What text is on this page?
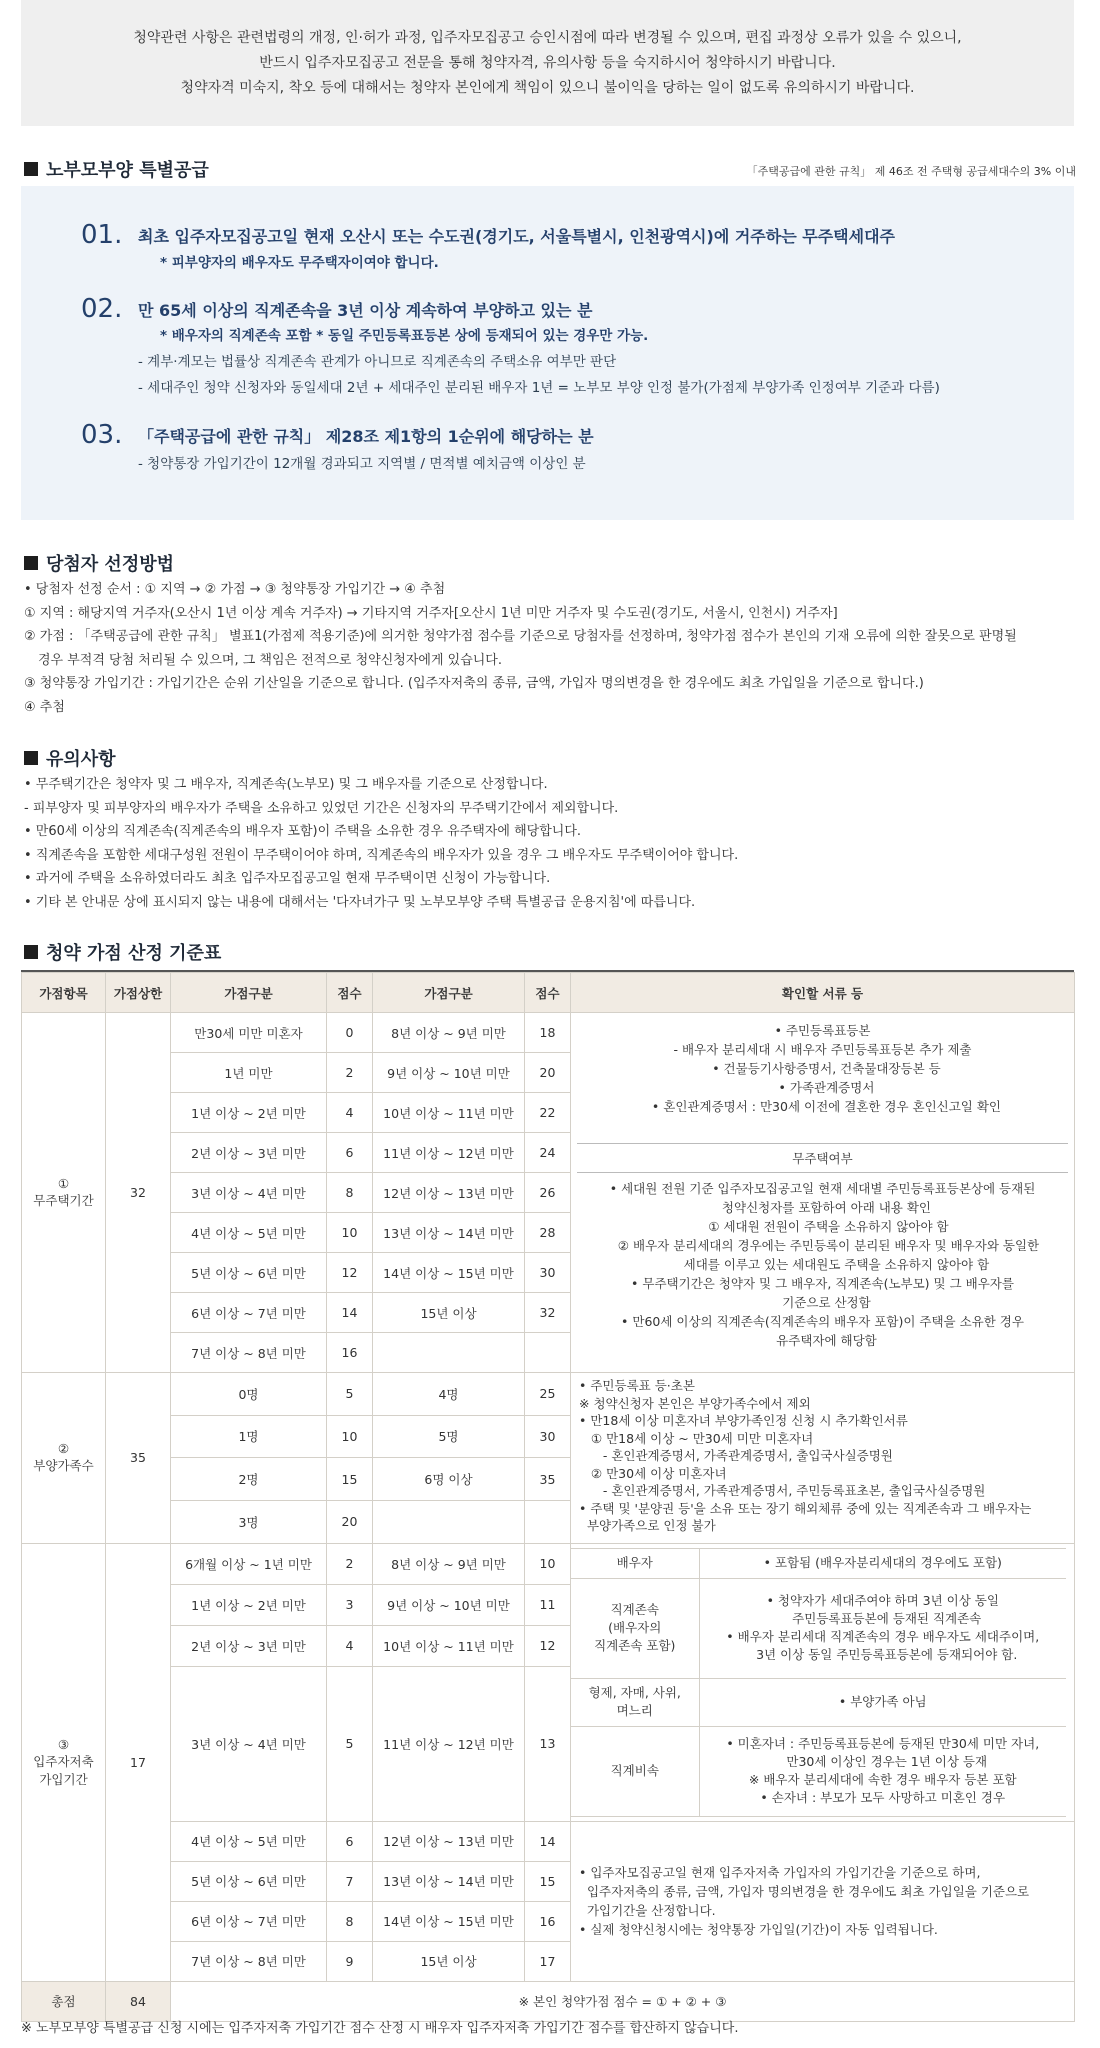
청약관련 사항은 관련법령의 개정, 인·허가 과정, 입주자모집공고 승인시점에 따라 변경될 수 있으며, 편집 과정상 오류가 있을 수 있으니,

반드시 입주자모집공고 전문을 통해 청약자격, 유의사항 등을 숙지하시어 청약하시기 바랍니다.

청약자격 미숙지, 착오 등에 대해서는 청약자 본인에게 책임이 있으니 불이익을 당하는 일이 없도록 유의하시기 바랍니다.

노부모부양 특별공급	「주택공급에 관한 규칙」 제 46조 전 주택형 공급세대수의 3% 이내
01. 최초 입주자모집공고일 현재 오산시 또는 수도권(경기도, 서울특별시, 인천광역시)에 거주하는 무주택세대주
* 피부양자의 배우자도 무주택자이여야 합니다.
02. 만 65세 이상의 직계존속을 3년 이상 계속하여 부양하고 있는 분
* 배우자의 직계존속 포함 * 동일 주민등록표등본 상에 등재되어 있는 경우만 가능.
- 계부·계모는 법률상 직계존속 관계가 아니므로 직계존속의 주택소유 여부만 판단
- 세대주인 청약 신청자와 동일세대 2년 + 세대주인 분리된 배우자 1년 = 노부모 부양 인정 불가(가점제 부양가족 인정여부 기준과 다름)
03. 「주택공급에 관한 규칙」 제28조 제1항의 1순위에 해당하는 분
- 청약통장 가입기간이 12개월 경과되고 지역별 / 면적별 예치금액 이상인 분
당첨자 선정방법
• 당첨자 선정 순서 : ① 지역 → ② 가점 → ③ 청약통장 가입기간 → ④ 추첨
① 지역 : 해당지역 거주자(오산시 1년 이상 계속 거주자) → 기타지역 거주자[오산시 1년 미만 거주자 및 수도권(경기도, 서울시, 인천시) 거주자]
② 가점 : 「주택공급에 관한 규칙」 별표1(가점제 적용기준)에 의거한 청약가점 점수를 기준으로 당첨자를 선정하며, 청약가점 점수가 본인의 기재 오류에 의한 잘못으로 판명될
경우 부적격 당첨 처리될 수 있으며, 그 책임은 전적으로 청약신청자에게 있습니다.
③ 청약통장 가입기간 : 가입기간은 순위 기산일을 기준으로 합니다. (입주자저축의 종류, 금액, 가입자 명의변경을 한 경우에도 최초 가입일을 기준으로 합니다.)
④ 추첨
유의사항
• 무주택기간은 청약자 및 그 배우자, 직계존속(노부모) 및 그 배우자를 기준으로 산정합니다.
- 피부양자 및 피부양자의 배우자가 주택을 소유하고 있었던 기간은 신청자의 무주택기간에서 제외합니다.
• 만60세 이상의 직계존속(직계존속의 배우자 포함)이 주택을 소유한 경우 유주택자에 해당합니다.
• 직계존속을 포함한 세대구성원 전원이 무주택이어야 하며, 직계존속의 배우자가 있을 경우 그 배우자도 무주택이어야 합니다.
• 과거에 주택을 소유하였더라도 최초 입주자모집공고일 현재 무주택이면 신청이 가능합니다.
• 기타 본 안내문 상에 표시되지 않는 내용에 대해서는 '다자녀가구 및 노부모부양 주택 특별공급 운용지침'에 따릅니다.
청약 가점 산정 기준표
가점항목	가점상한	가점구분	점수	가점구분	점수	확인할 서류 등

①
무주택기간
	32	만30세 미만 미혼자	0	8년 이상 ~ 9년 미만	18	• 주민등록표등본
- 배우자 분리세대 시 배우자 주민등록표등본 추가 제출
• 건물등기사항증명서, 건축물대장등본 등
• 가족관계증명서
• 혼인관계증명서 : 만30세 이전에 결혼한 경우 혼인신고일 확인
무주택여부
• 세대원 전원 기준 입주자모집공고일 현재 세대별 주민등록표등본상에 등재된
청약신청자를 포함하여 아래 내용 확인
① 세대원 전원이 주택을 소유하지 않아야 함
② 배우자 분리세대의 경우에는 주민등록이 분리된 배우자 및 배우자와 동일한
세대를 이루고 있는 세대원도 주택을 소유하지 않아야 함
• 무주택기간은 청약자 및 그 배우자, 직계존속(노부모) 및 그 배우자를
기준으로 산정함
• 만60세 이상의 직계존속(직계존속의 배우자 포함)이 주택을 소유한 경우
유주택자에 해당함

1년 미만	2	9년 이상 ~ 10년 미만	20
1년 이상 ~ 2년 미만	4	10년 이상 ~ 11년 미만	22
2년 이상 ~ 3년 미만	6	11년 이상 ~ 12년 미만	24
3년 이상 ~ 4년 미만	8	12년 이상 ~ 13년 미만	26
4년 이상 ~ 5년 미만	10	13년 이상 ~ 14년 미만	28
5년 이상 ~ 6년 미만	12	14년 이상 ~ 15년 미만	30
6년 이상 ~ 7년 미만	14	15년 이상	32
7년 이상 ~ 8년 미만	16		

②
부양가족수
	35	0명	5	4명	25	
• 주민등록표 등·초본
※ 청약신청자 본인은 부양가족수에서 제외
• 만18세 이상 미혼자녀 부양가족인정 신청 시 추가확인서류
① 만18세 이상 ~ 만30세 미만 미혼자녀
- 혼인관계증명서, 가족관계증명서, 출입국사실증명원
② 만30세 이상 미혼자녀
- 혼인관계증명서, 가족관계증명서, 주민등록표초본, 출입국사실증명원
• 주택 및 '분양권 등'을 소유 또는 장기 해외체류 중에 있는 직계존속과 그 배우자는
부양가족으로 인정 불가

1명	10	5명	30
2명	15	6명 이상	35
3명	20		

③
입주자저축
가입기간
	17	6개월 이상 ~ 1년 미만	2	8년 이상 ~ 9년 미만	10		배우자	• 포함됨 (배우자분리세대의 경우에도 포함)

직계존속
(배우자의
직계존속 포함)	
• 청약자가 세대주여야 하며 3년 이상 동일
주민등록표등본에 등재된 직계존속
• 배우자 분리세대 직계존속의 경우 배우자도 세대주이며,
3년 이상 동일 주민등록표등본에 등재되어야 함.

형제, 자매, 사위,
며느리	
• 부양가족 아님

직계비속	
• 미혼자녀 : 주민등록표등본에 등재된 만30세 미만 자녀,
만30세 이상인 경우는 1년 이상 등재
※ 배우자 분리세대에 속한 경우 배우자 등본 포함
• 손자녀 : 부모가 모두 사망하고 미혼인 경우

1년 이상 ~ 2년 미만	3	9년 이상 ~ 10년 미만	11
2년 이상 ~ 3년 미만	4	10년 이상 ~ 11년 미만	12
3년 이상 ~ 4년 미만	5	11년 이상 ~ 12년 미만	13
4년 이상 ~ 5년 미만	6	12년 이상 ~ 13년 미만	14	
• 입주자모집공고일 현재 입주자저축 가입자의 가입기간을 기준으로 하며,
입주자저축의 종류, 금액, 가입자 명의변경을 한 경우에도 최초 가입일을 기준으로
가입기간을 산정합니다.
• 실제 청약신청시에는 청약통장 가입일(기간)이 자동 입력됩니다.

5년 이상 ~ 6년 미만	7	13년 이상 ~ 14년 미만	15
6년 이상 ~ 7년 미만	8	14년 이상 ~ 15년 미만	16
7년 이상 ~ 8년 미만	9	15년 이상	17
총점	84	※ 본인 청약가점 점수 = ① + ② + ③
※ 노부모부양 특별공급 신청 시에는 입주자저축 가입기간 점수 산정 시 배우자 입주자저축 가입기간 점수를 합산하지 않습니다.
